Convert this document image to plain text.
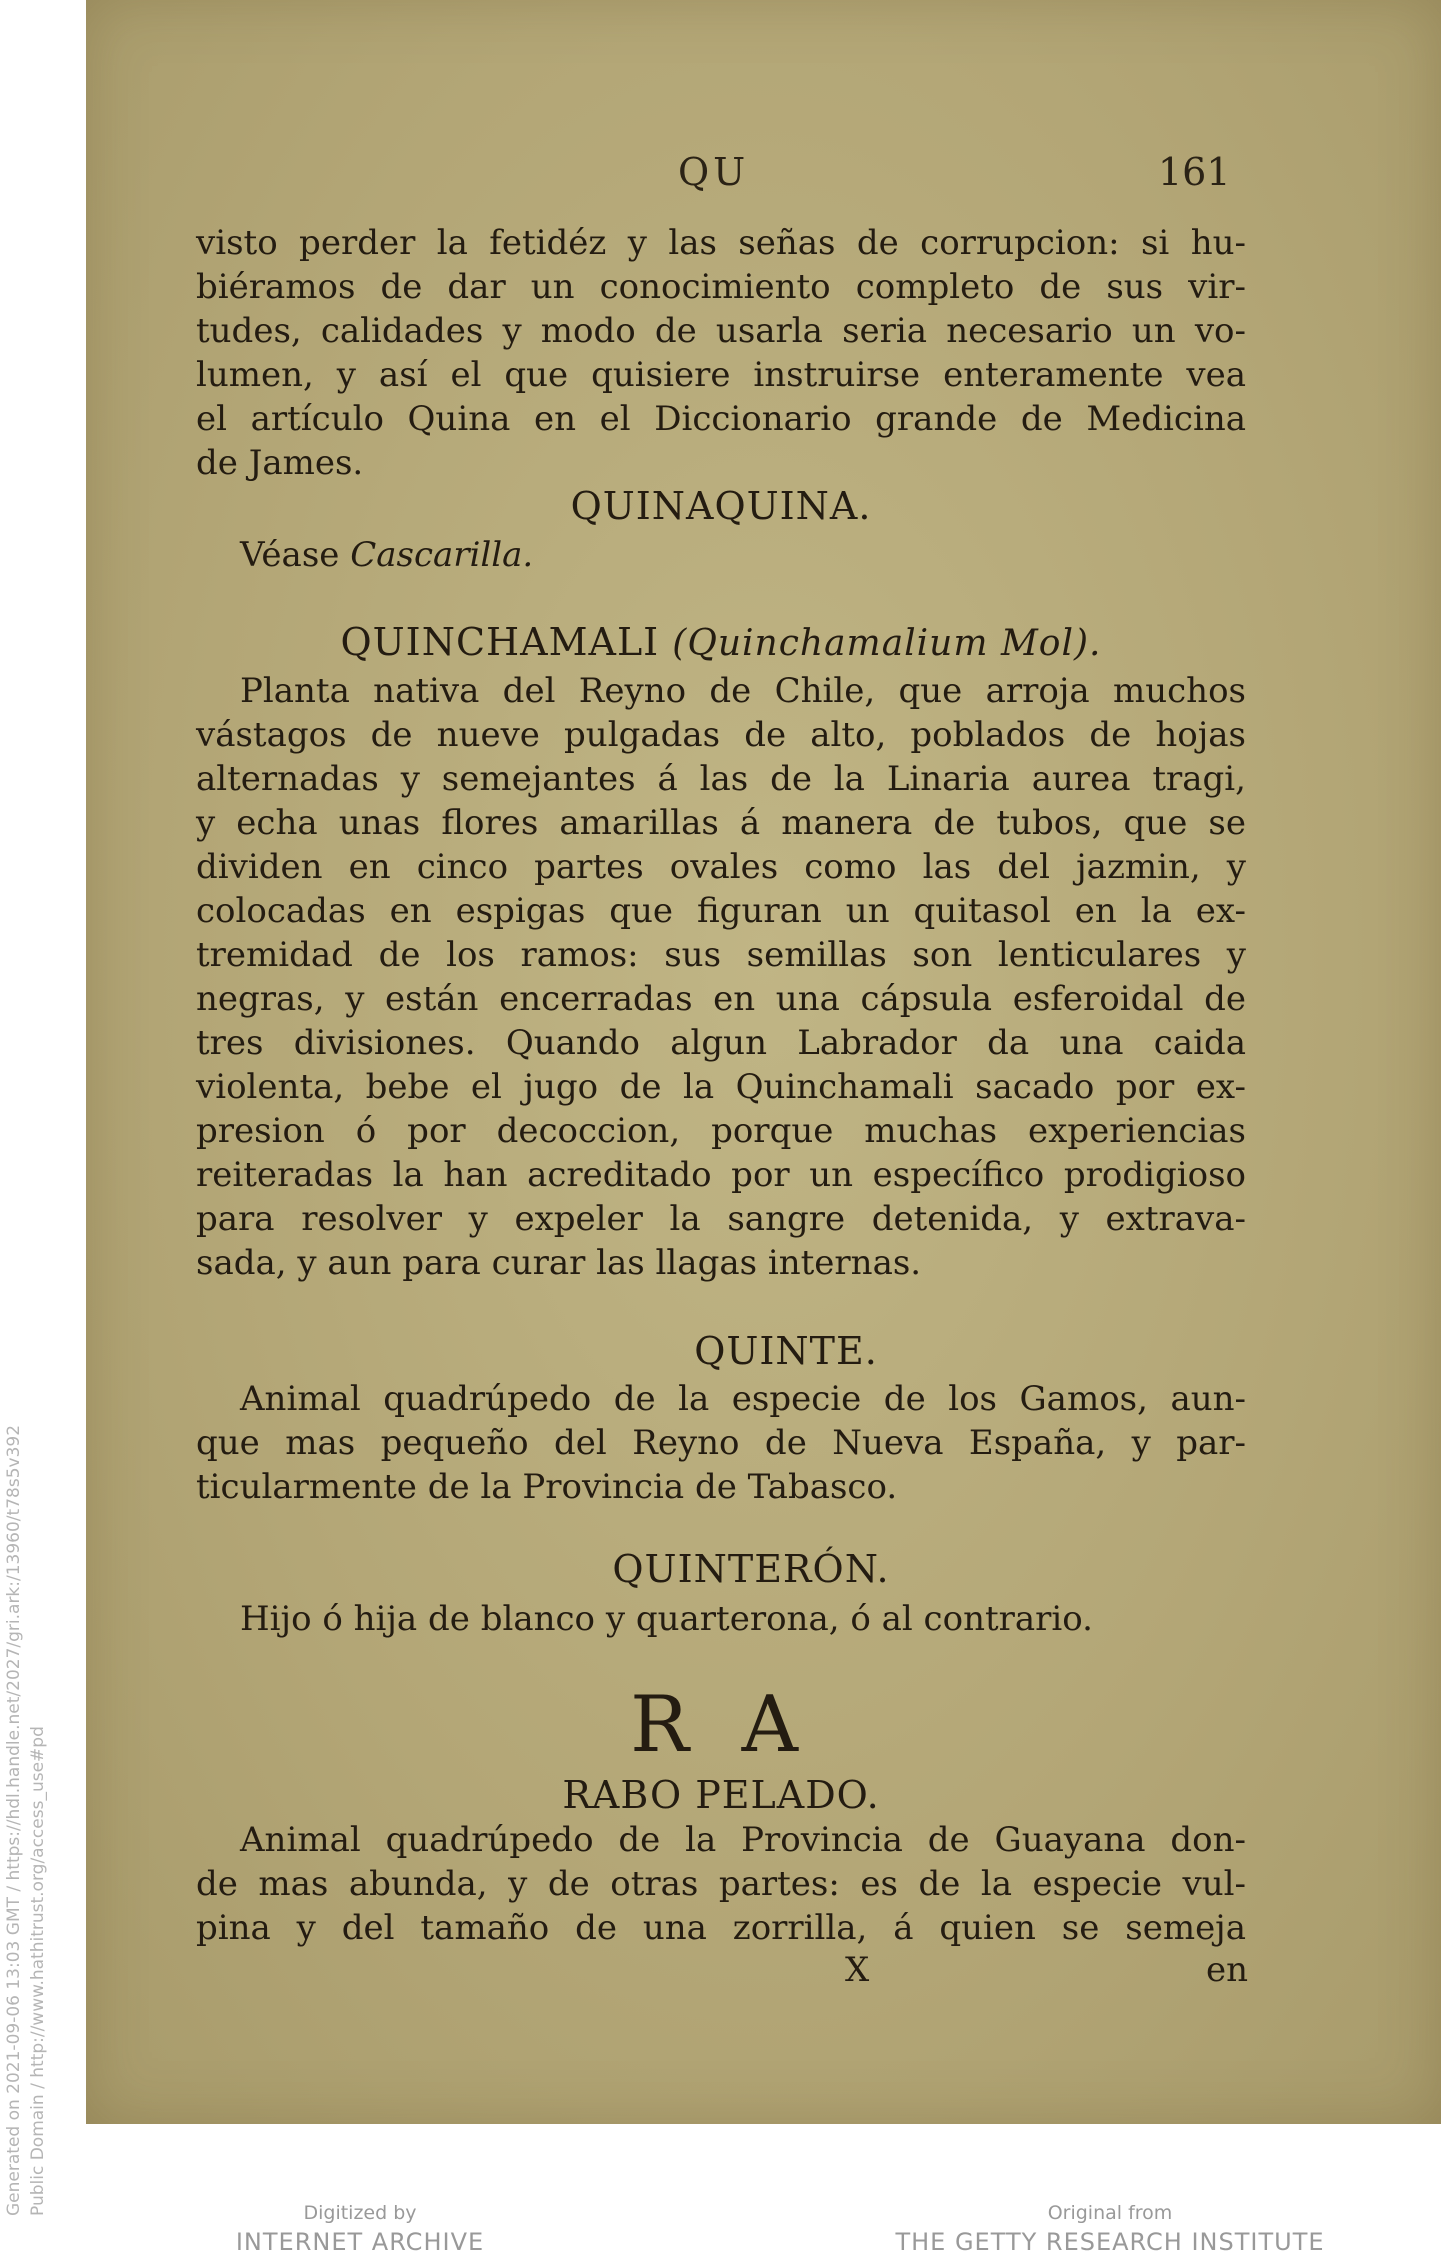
Generated on 2021-09-06 13:03 GMT / https://hdl.handle.net/2027/gri.ark:/13960/t78s5v392 Public Domain / http://www.hathitrust.org/access_use#pd
QU	161
visto perder la fetidéz y las señas de corrupcion: si hu-
biéramos de dar un conocimiento completo de sus vir-
tudes, calidades y modo de usarla seria necesario un vo-
lumen, y así el que quisiere instruirse enteramente vea
el artículo Quina en el Diccionario grande de Medicina
de James.
QUINAQUINA.
Véase Cascarilla.
QUINCHAMALI (Quinchamalium Mol).
Planta nativa del Reyno de Chile, que arroja muchos
vástagos de nueve pulgadas de alto, poblados de hojas
alternadas y semejantes á las de la Linaria aurea tragi,
y echa unas flores amarillas á manera de tubos, que se
dividen en cinco partes ovales como las del jazmin, y
colocadas en espigas que figuran un quitasol en la ex-
tremidad de los ramos: sus semillas son lenticulares y
negras, y están encerradas en una cápsula esferoidal de
tres divisiones. Quando algun Labrador da una caida
violenta, bebe el jugo de la Quinchamali sacado por ex-
presion ó por decoccion, porque muchas experiencias
reiteradas la han acreditado por un específico prodigioso
para resolver y expeler la sangre detenida, y extrava-
sada, y aun para curar las llagas internas.
QUINTE.
Animal quadrúpedo de la especie de los Gamos, aun-
que mas pequeño del Reyno de Nueva España, y par-
ticularmente de la Provincia de Tabasco.
QUINTERÓN.
Hijo ó hija de blanco y quarterona, ó al contrario.
R A
RABO PELADO.
Animal quadrúpedo de la Provincia de Guayana don-
de mas abunda, y de otras partes: es de la especie vul-
pina y del tamaño de una zorrilla, á quien se semeja
X	en
Digitized by
INTERNET ARCHIVE
Original from
THE GETTY RESEARCH INSTITUTE
